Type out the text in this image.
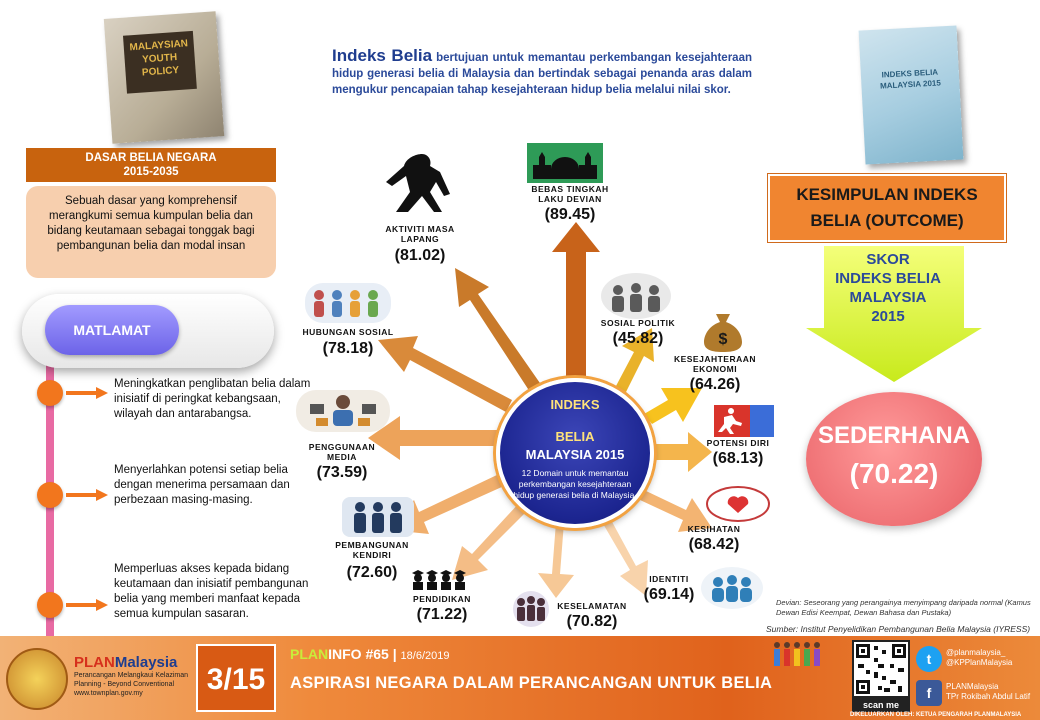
MALAYSIAN YOUTH POLICY
DASAR BELIA NEGARA
2015-2035
Sebuah dasar yang komprehensif merangkumi semua kumpulan belia dan bidang keutamaan sebagai tonggak bagi pembangunan belia dan modal insan
MATLAMAT
Meningkatkan penglibatan belia dalam inisiatif di peringkat kebangsaan, wilayah dan antarabangsa.
Menyerlahkan potensi setiap belia dengan menerima persamaan dan perbezaan masing-masing.
Memperluas akses kepada bidang keutamaan dan inisiatif pembangunan belia yang memberi manfaat kepada semua kumpulan sasaran.
Indeks Belia bertujuan untuk memantau perkembangan kesejahteraan hidup generasi belia di Malaysia dan bertindak sebagai penanda aras dalam mengukur pencapaian tahap kesejahteraan hidup belia melalui nilai skor.
$
BEBAS TINGKAH
LAKU DEVIAN
(89.45)
AKTIVITI MASA
LAPANG
(81.02)
HUBUNGAN SOSIAL
(78.18)
PENGGUNAAN
MEDIA
(73.59)
PEMBANGUNAN
KENDIRI
(72.60)
PENDIDIKAN
(71.22)	KESELAMATAN
(70.82)
IDENTITI
(69.14)
KESIHATAN
(68.42)
POTENSI DIRI
(68.13)
KESEJAHTERAAN
EKONOMI
(64.26)
SOSIAL POLITIK
(45.82)
INDEKS
BELIA
MALAYSIA 2015
12 Domain untuk memantau perkembangan kesejahteraan hidup generasi belia di Malaysia.
INDEKS BELIA MALAYSIA 2015
KESIMPULAN INDEKS
BELIA (OUTCOME)
SKOR
INDEKS BELIA
MALAYSIA
2015
SEDERHANA
(70.22)
Devian: Seseorang yang perangainya menyimpang daripada normal (Kamus Dewan Edisi Keempat, Dewan Bahasa dan Pustaka)
Sumber: Institut Penyelidikan Pembangunan Belia Malaysia (IYRESS)
PLANMalaysia
Perancangan Melangkaui Kelaziman
Planning - Beyond Conventional
www.townplan.gov.my	3/15
PLANINFO #65 | 18/6/2019
ASPIRASI NEGARA DALAM PERANCANGAN UNTUK BELIA
scan me
t	@planmalaysia_
@KPPlanMalaysia
f	PLANMalaysia
TPr Rokibah Abdul Latif
DIKELUARKAN OLEH: KETUA PENGARAH PLANMALAYSIA
